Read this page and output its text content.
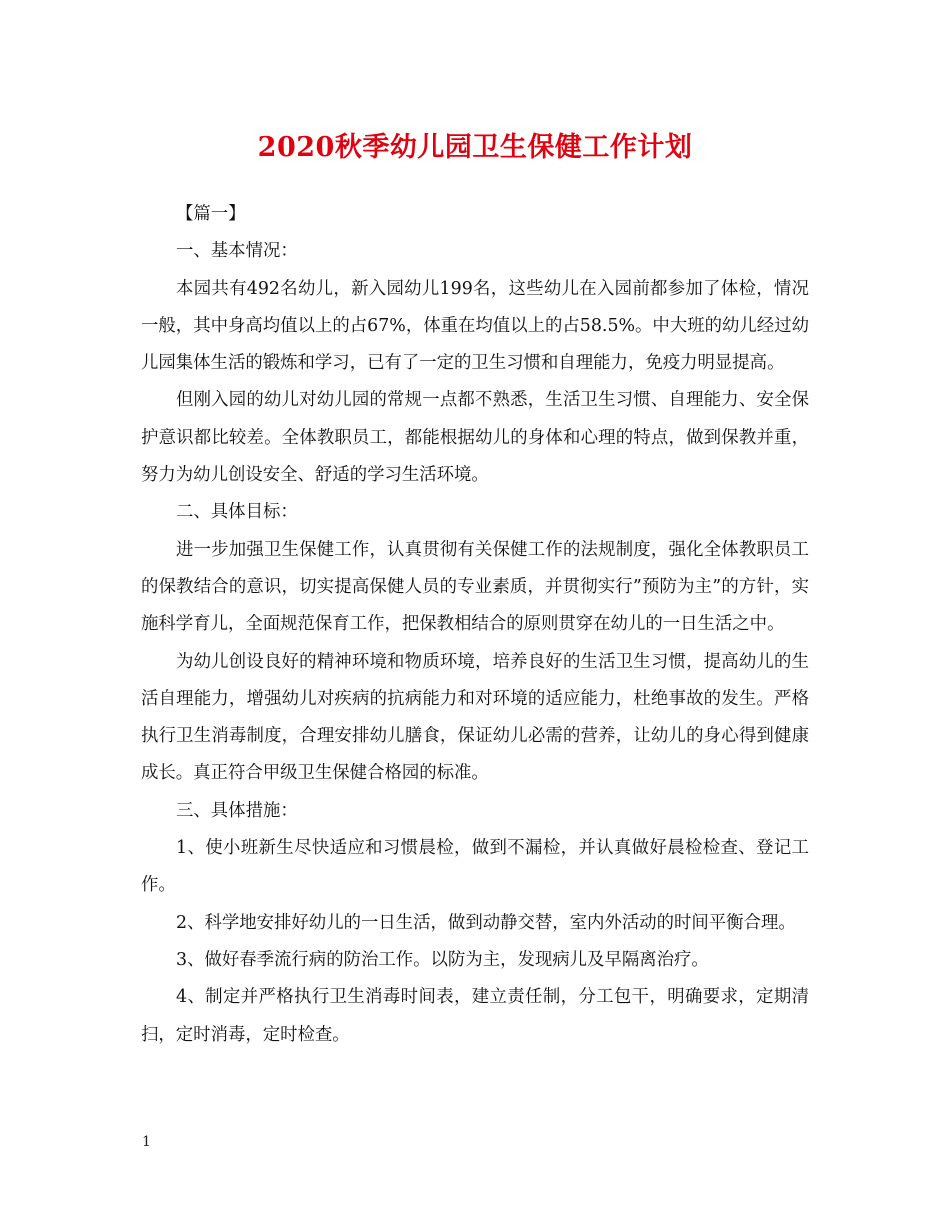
2020秋季幼儿园卫生保健工作计划

【篇一】

一、基本情况：

本园共有492名幼儿，新入园幼儿199名，这些幼儿在入园前都参加了体检，情况一般，其中身高均值以上的占67%，体重在均值以上的占58.5%。中大班的幼儿经过幼儿园集体生活的锻炼和学习，已有了一定的卫生习惯和自理能力，免疫力明显提高。

但刚入园的幼儿对幼儿园的常规一点都不熟悉，生活卫生习惯、自理能力、安全保护意识都比较差。全体教职员工，都能根据幼儿的身体和心理的特点，做到保教并重，努力为幼儿创设安全、舒适的学习生活环境。

二、具体目标：

进一步加强卫生保健工作，认真贯彻有关保健工作的法规制度，强化全体教职员工的保教结合的意识，切实提高保健人员的专业素质，并贯彻实行”预防为主”的方针，实施科学育儿，全面规范保育工作，把保教相结合的原则贯穿在幼儿的一日生活之中。

为幼儿创设良好的精神环境和物质环境，培养良好的生活卫生习惯，提高幼儿的生活自理能力，增强幼儿对疾病的抗病能力和对环境的适应能力，杜绝事故的发生。严格执行卫生消毒制度，合理安排幼儿膳食，保证幼儿必需的营养，让幼儿的身心得到健康成长。真正符合甲级卫生保健合格园的标准。

三、具体措施：

1、使小班新生尽快适应和习惯晨检，做到不漏检，并认真做好晨检检查、登记工作。

2、科学地安排好幼儿的一日生活，做到动静交替，室内外活动的时间平衡合理。

3、做好春季流行病的防治工作。以防为主，发现病儿及早隔离治疗。

4、制定并严格执行卫生消毒时间表，建立责任制，分工包干，明确要求，定期清扫，定时消毒，定时检查。

1
